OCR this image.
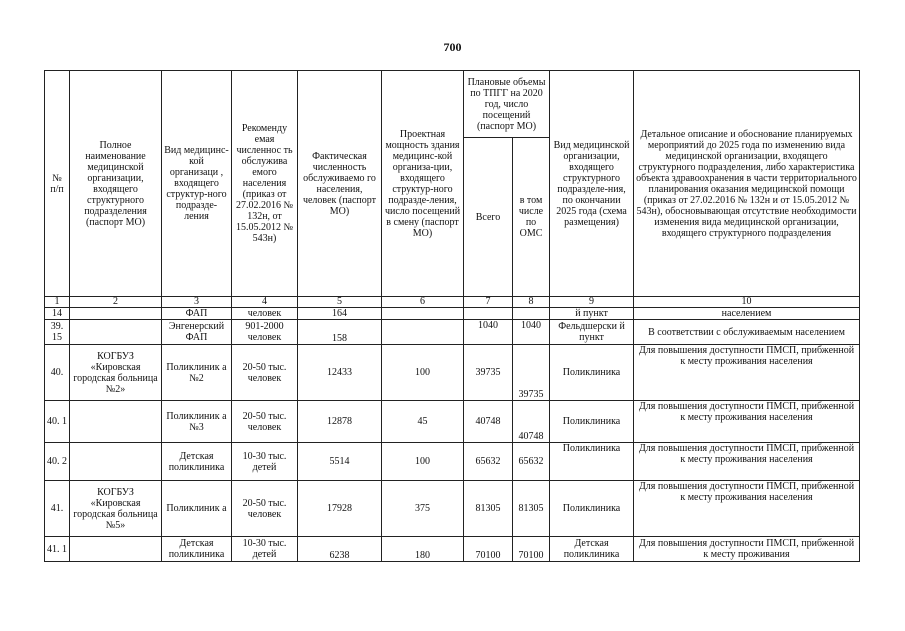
700
№ п/п	Полное наименование медицинской организации, входящего структурного подразделения (паспорт МО)	Вид медицинс-кой организаци , входящего структур-ного подразде-ления	Рекоменду емая численнос ть обслужива емого населения (приказ от 27.02.2016 № 132н, от 15.05.2012 № 543н)	Фактическая численность обслуживаемо го населения, человек (паспорт МО)	Проектная мощность здания медицинс-кой организа-ции, входящего структур-ного подразде-ления, число посещений в смену (паспорт МО)	Плановые объемы по ТПГГ на 2020 год, число посещений (паспорт МО)		Вид медицинской организации, входящего структурного подразделе-ния, по окончании 2025 года (схема размещения)	Детальное описание и обоснование планируемых мероприятий до 2025 года по изменению вида медицинской организации, входящего структурного подразделения, либо характеристика объекта здравоохранения в части территориального планирования оказания медицинской помощи (приказ от 27.02.2016 № 132н и от 15.05.2012 № 543н), обосновывающая отсутствие необходимости изменения вида медицинской организации, входящего структурного подразделения
						Всего	в том числе по ОМС		
1	2	3	4	5	6	7	8	9	10
14		ФАП	человек	164				й пункт	населением
39. 15		Энгенерский ФАП	901-2000 человек	158		1040	1040	Фельдшерски й пункт	В соответствии с обслуживаемым населением
40.	КОГБУЗ «Кировская городская больница №2»	Поликлиник а №2	20-50 тыс. человек	12433	100	39735	39735	Поликлиника	Для повышения доступности ПМСП, прибженной к месту проживания населения
40. 1		Поликлиник а №3	20-50 тыс. человек	12878	45	40748	40748	Поликлиника	Для повышения доступности ПМСП, прибженной к месту проживания населения
40. 2		Детская поликлиника	10-30 тыс. детей	5514	100	65632	65632	Поликлиника	Для повышения доступности ПМСП, прибженной к месту проживания населения
41.	КОГБУЗ «Кировская городская больница №5»	Поликлиник а	20-50 тыс. человек	17928	375	81305	81305	Поликлиника	Для повышения доступности ПМСП, прибженной к месту проживания населения
41. 1		Детская поликлиника	10-30 тыс. детей	6238	180	70100	70100	Детская поликлиника	Для повышения доступности ПМСП, прибженной к месту проживания
